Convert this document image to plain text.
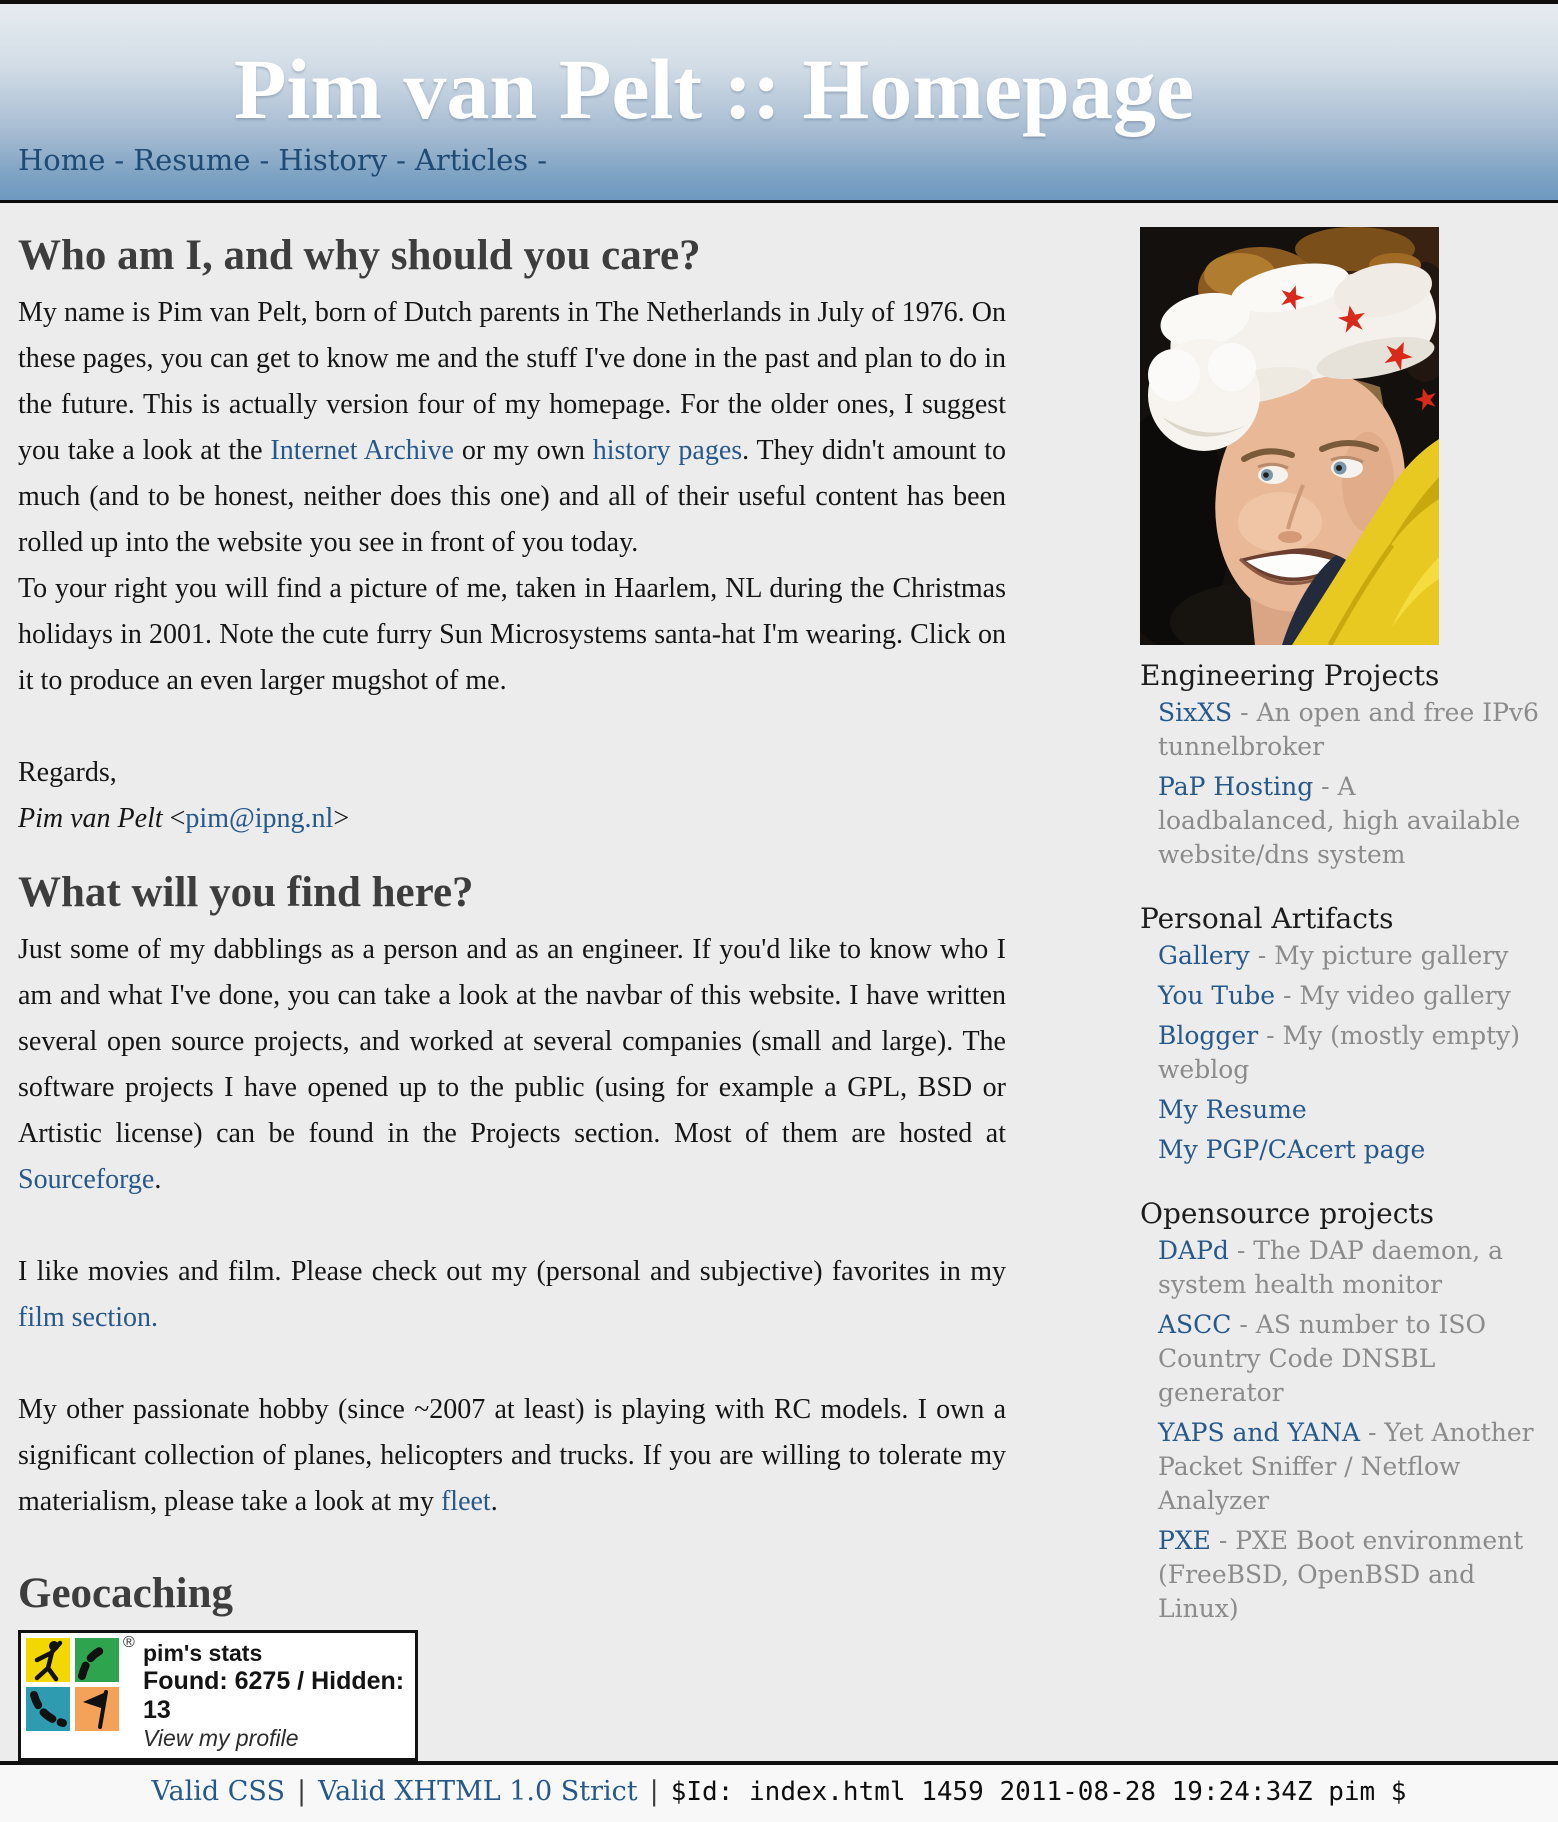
Pim van Pelt :: Homepage
Home - Resume - History - Articles -
Engineering Projects
SixXS - An open and free IPv6 tunnelbroker
PaP Hosting - A loadbalanced, high available website/dns system
Personal Artifacts
Gallery - My picture gallery
You Tube - My video gallery
Blogger - My (mostly empty) weblog
My Resume
My PGP/CAcert page
Opensource projects
DAPd - The DAP daemon, a system health monitor
ASCC - AS number to ISO Country Code DNSBL generator
YAPS and YANA - Yet Another Packet Sniffer / Netflow Analyzer
PXE - PXE Boot environment (FreeBSD, OpenBSD and Linux)
Who am I, and why should you care?

My name is Pim van Pelt, born of Dutch parents in The Netherlands in July of 1976. On these pages, you can get to know me and the stuff I've done in the past and plan to do in the future. This is actually version four of my homepage. For the older ones, I suggest you take a look at the Internet Archive or my own history pages. They didn't amount to much (and to be honest, neither does this one) and all of their useful content has been rolled up into the website you see in front of you today.

To your right you will find a picture of me, taken in Haarlem, NL during the Christmas holidays in 2001. Note the cute furry Sun Microsystems santa-hat I'm wearing. Click on it to produce an even larger mugshot of me.

Regards,
Pim van Pelt <pim@ipng.nl>

What will you find here?

Just some of my dabblings as a person and as an engineer. If you'd like to know who I am and what I've done, you can take a look at the navbar of this website. I have written several open source projects, and worked at several companies (small and large). The software projects I have opened up to the public (using for example a GPL, BSD or Artistic license) can be found in the Projects section. Most of them are hosted at Sourceforge.

I like movies and film. Please check out my (personal and subjective) favorites in my film section.

My other passionate hobby (since ~2007 at least) is playing with RC models. I own a significant collection of planes, helicopters and trucks. If you are willing to tolerate my materialism, please take a look at my fleet.

Geocaching
® pim's stats
Found: 6275 / Hidden: 13
View my profile
Valid CSS | Valid XHTML 1.0 Strict | $Id: index.html 1459 2011-08-28 19:24:34Z pim $
